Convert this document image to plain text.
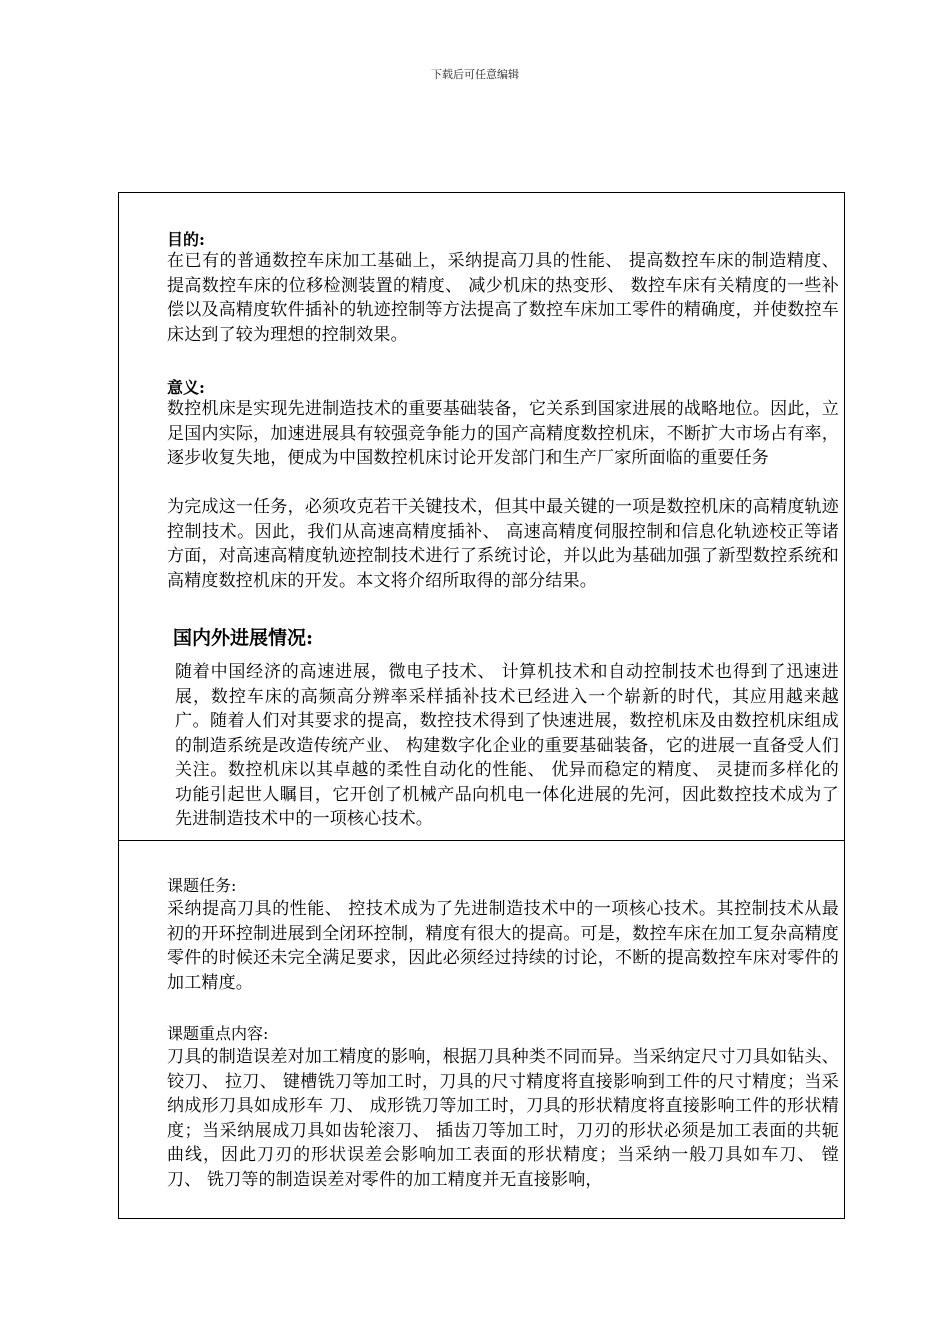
下载后可任意编辑
目的:
在已有的普通数控车床加工基础上，采纳提高刀具的性能、 提高数控车床的制造精度、 提高数控车床的位移检测装置的精度、 减少机床的热变形、 数控车床有关精度的一些补偿以及高精度软件插补的轨迹控制等方法提高了数控车床加工零件的精确度，并使数控车床达到了较为理想的控制效果。
意义:
数控机床是实现先进制造技术的重要基础装备，它关系到国家进展的战略地位。因此，立足国内实际，加速进展具有较强竞争能力的国产高精度数控机床，不断扩大市场占有率，逐步收复失地，便成为中国数控机床讨论开发部门和生产厂家所面临的重要任务
为完成这一任务，必须攻克若干关键技术，但其中最关键的一项是数控机床的高精度轨迹控制技术。因此，我们从高速高精度插补、 高速高精度伺服控制和信息化轨迹校正等诸方面，对高速高精度轨迹控制技术进行了系统讨论，并以此为基础加强了新型数控系统和高精度数控机床的开发。本文将介绍所取得的部分结果。
国内外进展情况:
随着中国经济的高速进展，微电子技术、 计算机技术和自动控制技术也得到了迅速进展，数控车床的高频高分辨率采样插补技术已经进入一个崭新的时代，其应用越来越广。随着人们对其要求的提高，数控技术得到了快速进展，数控机床及由数控机床组成的制造系统是改造传统产业、 构建数字化企业的重要基础装备，它的进展一直备受人们关注。数控机床以其卓越的柔性自动化的性能、 优异而稳定的精度、 灵捷而多样化的功能引起世人瞩目，它开创了机械产品向机电一体化进展的先河，因此数控技术成为了先进制造技术中的一项核心技术。
课题任务:
采纳提高刀具的性能、 控技术成为了先进制造技术中的一项核心技术。其控制技术从最初的开环控制进展到全闭环控制，精度有很大的提高。可是，数控车床在加工复杂高精度零件的时候还未完全满足要求，因此必须经过持续的讨论，不断的提高数控车床对零件的加工精度。
课题重点内容:
刀具的制造误差对加工精度的影响，根据刀具种类不同而异。当采纳定尺寸刀具如钻头、 铰刀、 拉刀、 键槽铣刀等加工时，刀具的尺寸精度将直接影响到工件的尺寸精度；当采纳成形刀具如成形车 刀、 成形铣刀等加工时，刀具的形状精度将直接影响工件的形状精度；当采纳展成刀具如齿轮滚刀、 插齿刀等加工时，刀刃的形状必须是加工表面的共轭曲线，因此刀刃的形状误差会影响加工表面的形状精度；当采纳一般刀具如车刀、 镗刀、 铣刀等的制造误差对零件的加工精度并无直接影响，
